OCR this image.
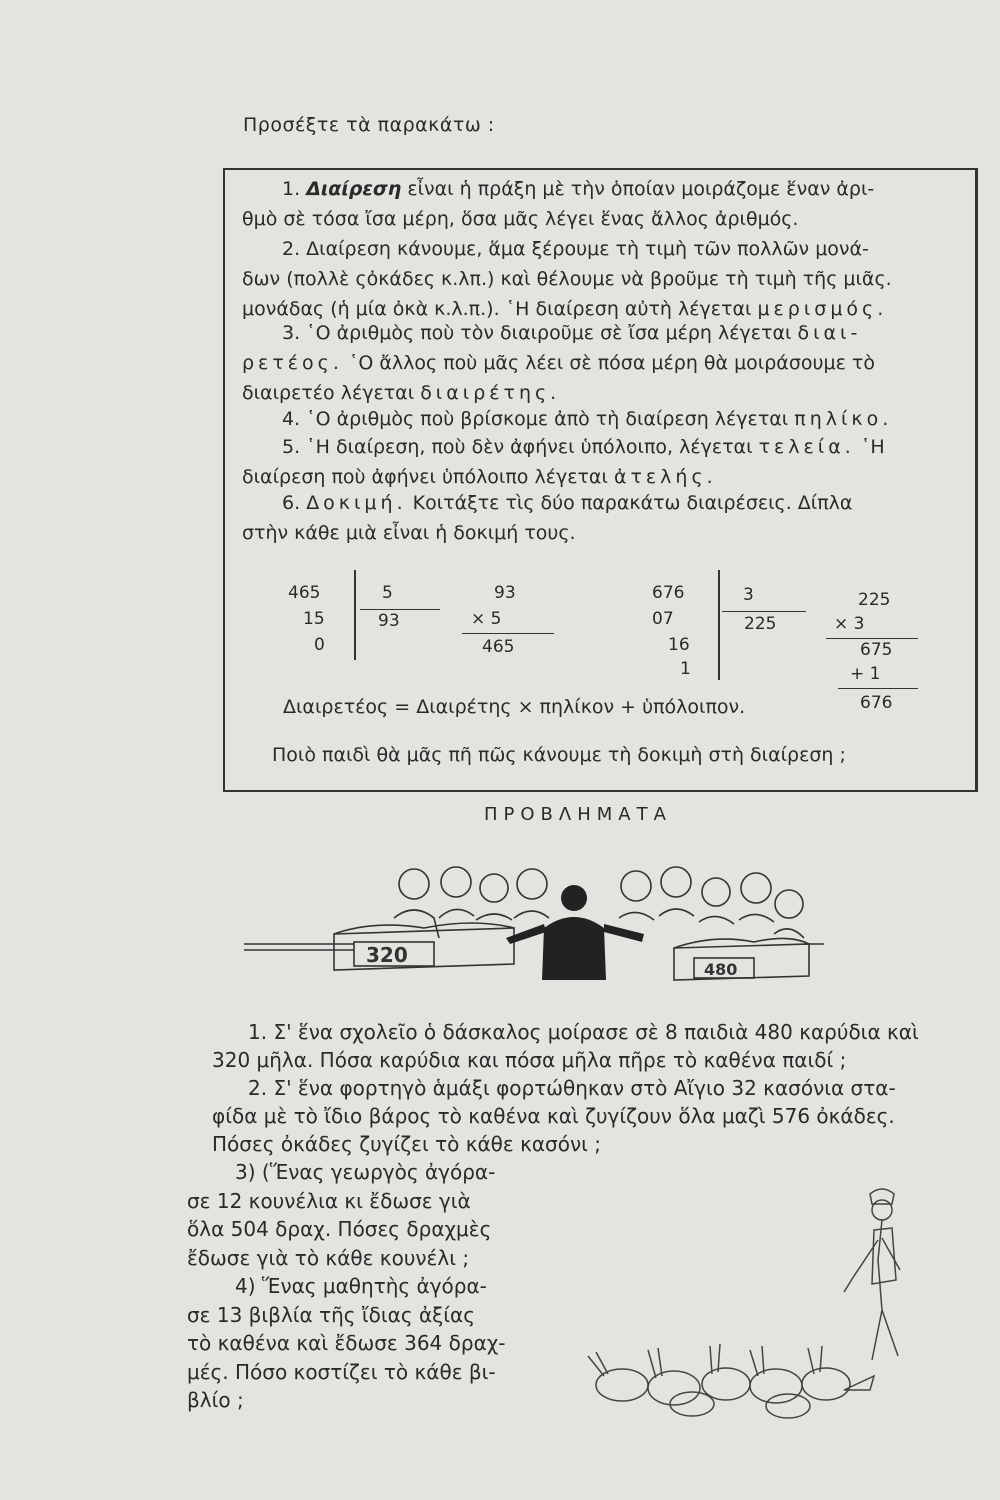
Προσέξτε τὰ παρακάτω :
1. Διαίρεση εἶναι ἡ πράξη μὲ τὴν ὁποίαν μοιράζομε ἕναν ἀρι-
θμὸ σὲ τόσα ἴσα μέρη, ὅσα μᾶς λέγει ἕνας ἄλλος ἀριθμός.
2. Διαίρεση κάνουμε, ἅμα ξέρουμε τὴ τιμὴ τῶν πολλῶν μονά-
δων (πολλὲ ςὀκάδες κ.λπ.) καὶ θέλουμε νὰ βροῦμε τὴ τιμὴ τῆς μιᾶς.
μονάδας (ἡ μία ὀκὰ κ.λ.π.). ῾Η διαίρεση αὐτὴ λέγεται μερισμός.
3. ῾Ο ἀριθμὸς ποὺ τὸν διαιροῦμε σὲ ἴσα μέρη λέγεται διαι-
ρετέος. ῾Ο ἄλλος ποὺ μᾶς λέει σὲ πόσα μέρη θὰ μοιράσουμε τὸ
διαιρετέο λέγεται διαιρέτης.
4. ῾Ο ἀριθμὸς ποὺ βρίσκομε ἀπὸ τὴ διαίρεση λέγεται πηλίκο.
5. ῾Η διαίρεση, ποὺ δὲν ἀφήνει ὑπόλοιπο, λέγεται τελεία. ῾Η
διαίρεση ποὺ ἀφήνει ὑπόλοιπο λέγεται ἀτελής.
6. Δοκιμή. Κοιτάξτε τὶς δύο παρακάτω διαιρέσεις. Δίπλα
στὴν κάθε μιὰ εἶναι ἡ δοκιμή τους.
465
15
0
5
93
93
× 5
465
676
07
16
1
3
225
225
× 3
675
+ 1
676
Διαιρετέος = Διαιρέτης × πηλίκον + ὑπόλοιπον.
Ποιὸ παιδὶ θὰ μᾶς πῆ πῶς κάνουμε τὴ δοκιμὴ στὴ διαίρεση ;
ΠΡΟΒΛΗΜΑΤΑ
320
480
1. Σ' ἕνα σχολεῖο ὁ δάσκαλος μοίρασε σὲ 8 παιδιὰ 480 καρύδια καὶ
320 μῆλα. Πόσα καρύδια και πόσα μῆλα πῆρε τὸ καθένα παιδί ;
2. Σ' ἕνα φορτηγὸ ἁμάξι φορτώθηκαν στὸ Αἴγιο 32 κασόνια στα-
φίδα μὲ τὸ ἴδιο βάρος τὸ καθένα καὶ ζυγίζουν ὅλα μαζὶ 576 ὀκάδες.
Πόσες ὀκάδες ζυγίζει τὸ κάθε κασόνι ;
3) (Ἕνας γεωργὸς ἀγόρα-
σε 12 κουνέλια κι ἔδωσε γιὰ
ὅλα 504 δραχ. Πόσες δραχμὲς
ἔδωσε γιὰ τὸ κάθε κουνέλι ;
4) Ἕνας μαθητὴς ἀγόρα-
σε 13 βιβλία τῆς ἴδιας ἀξίας
τὸ καθένα καὶ ἔδωσε 364 δραχ-
μές. Πόσο κοστίζει τὸ κάθε βι-
βλίο ;
